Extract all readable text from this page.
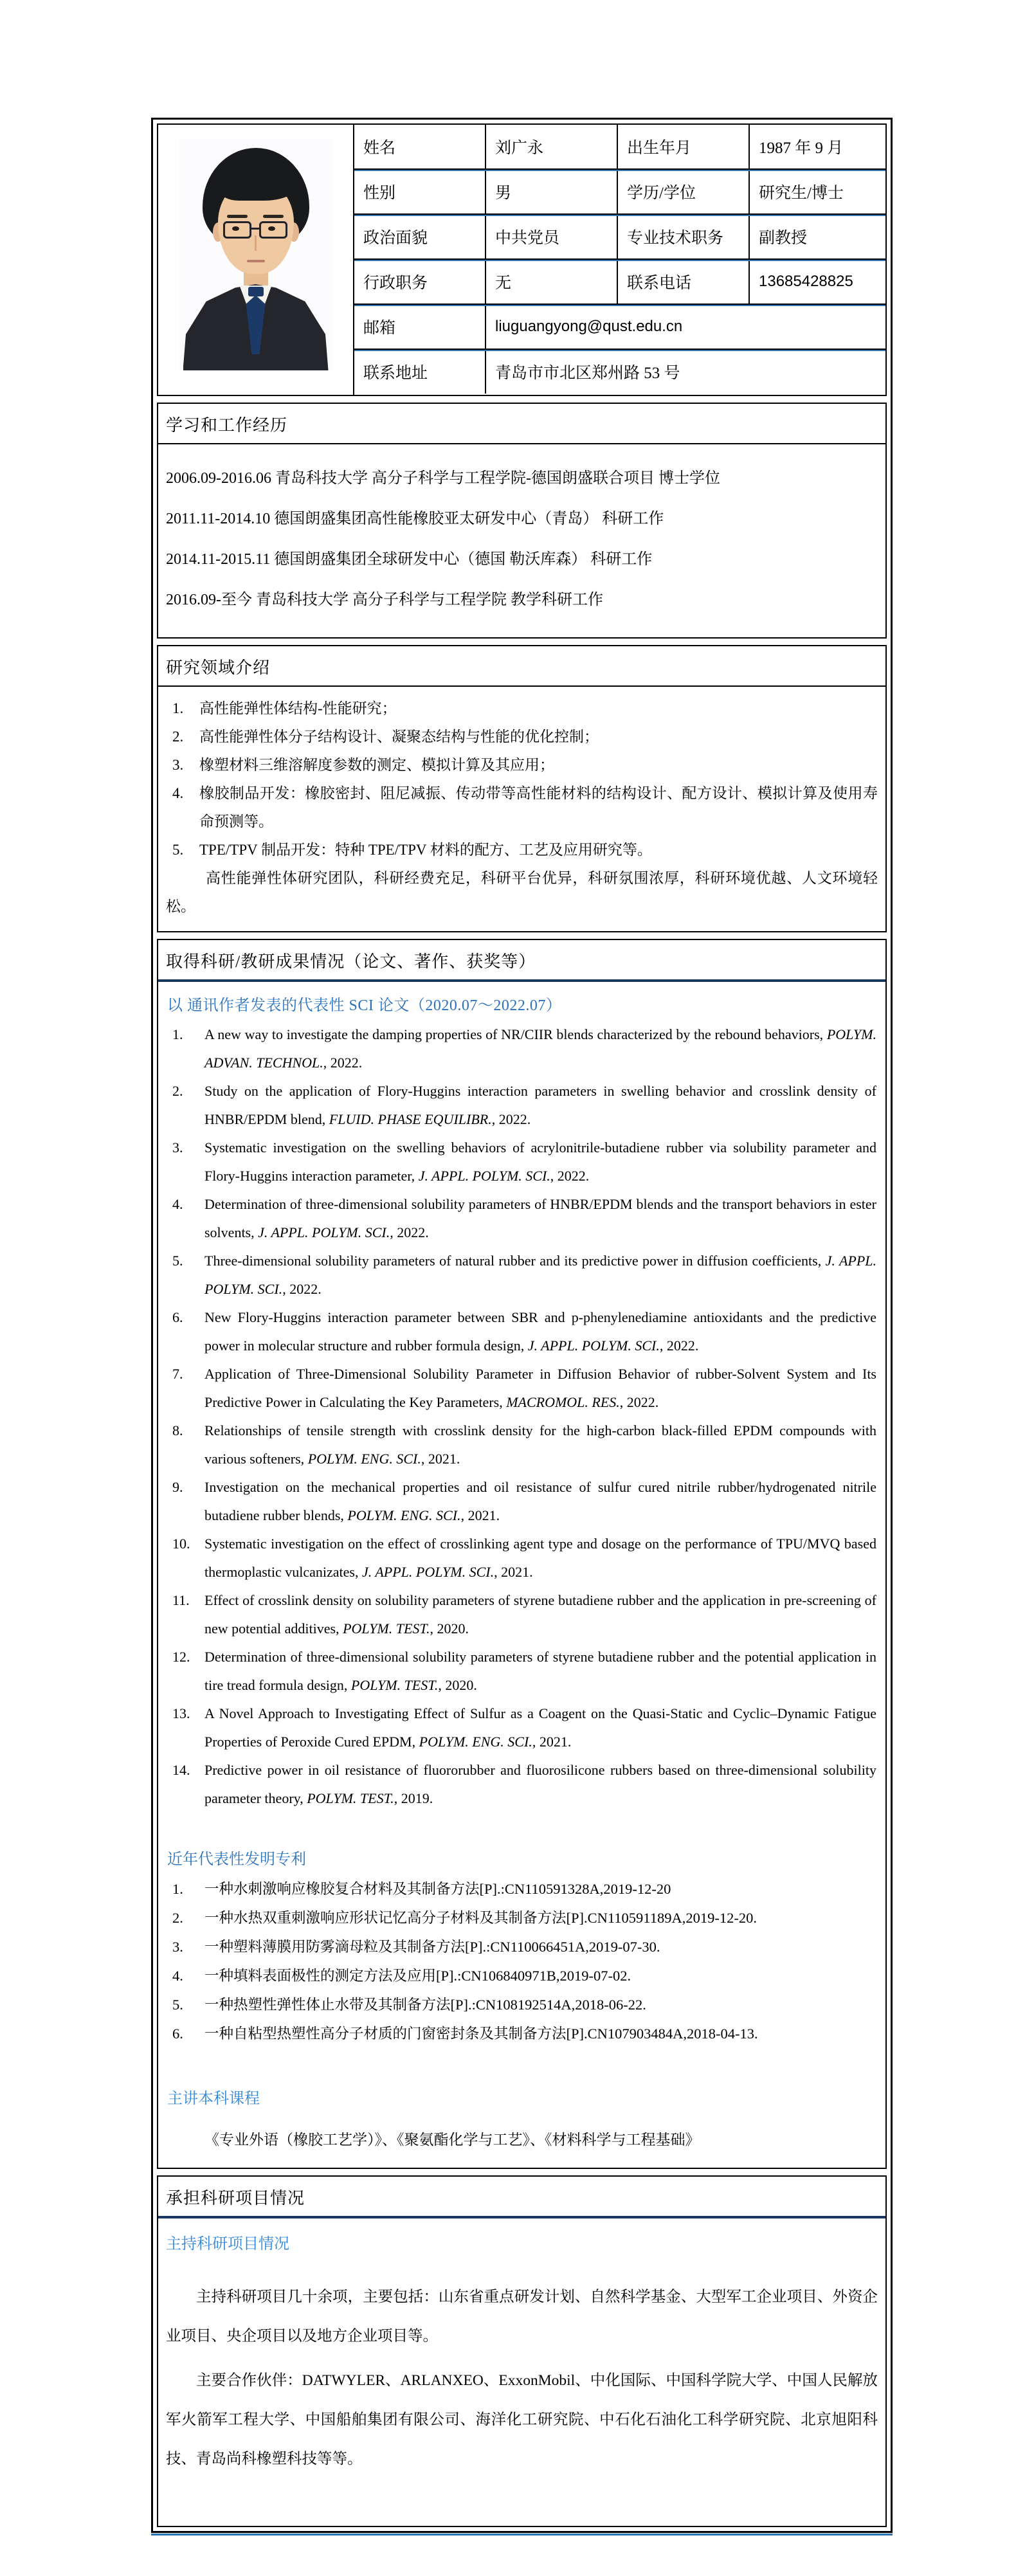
姓名	刘广永	出生年月	1987 年 9 月
性别	男	学历/学位	研究生/博士
政治面貌	中共党员	专业技术职务	副教授
行政职务	无	联系电话	13685428825
邮箱	liuguangyong@qust.edu.cn
联系地址	青岛市市北区郑州路 53 号
学习和工作经历
2006.09-2016.06 青岛科技大学 高分子科学与工程学院-德国朗盛联合项目 博士学位
2011.11-2014.10 德国朗盛集团高性能橡胶亚太研发中心（青岛） 科研工作
2014.11-2015.11 德国朗盛集团全球研发中心（德国 勒沃库森） 科研工作
2016.09-至今 青岛科技大学 高分子科学与工程学院 教学科研工作
研究领域介绍
1. 高性能弹性体结构-性能研究；
2. 高性能弹性体分子结构设计、凝聚态结构与性能的优化控制；
3. 橡塑材料三维溶解度参数的测定、模拟计算及其应用；
4. 橡胶制品开发：橡胶密封、阻尼减振、传动带等高性能材料的结构设计、配方设计、模拟计算及使用寿命预测等。
5. TPE/TPV 制品开发：特种 TPE/TPV 材料的配方、工艺及应用研究等。

高性能弹性体研究团队，科研经费充足，科研平台优异，科研氛围浓厚，科研环境优越、人文环境轻松。

取得科研/教研成果情况（论文、著作、获奖等）
以 通讯作者发表的代表性 SCI 论文（2020.07～2022.07）
1. A new way to investigate the damping properties of NR/CIIR blends characterized by the rebound behaviors, POLYM. ADVAN. TECHNOL., 2022.
2. Study on the application of Flory-Huggins interaction parameters in swelling behavior and crosslink density of HNBR/EPDM blend, FLUID. PHASE EQUILIBR., 2022.
3. Systematic investigation on the swelling behaviors of acrylonitrile-butadiene rubber via solubility parameter and Flory-Huggins interaction parameter, J. APPL. POLYM. SCI., 2022.
4. Determination of three-dimensional solubility parameters of HNBR/EPDM blends and the transport behaviors in ester solvents, J. APPL. POLYM. SCI., 2022.
5. Three-dimensional solubility parameters of natural rubber and its predictive power in diffusion coefficients, J. APPL. POLYM. SCI., 2022.
6. New Flory-Huggins interaction parameter between SBR and p-phenylenediamine antioxidants and the predictive power in molecular structure and rubber formula design, J. APPL. POLYM. SCI., 2022.
7. Application of Three-Dimensional Solubility Parameter in Diffusion Behavior of rubber-Solvent System and Its Predictive Power in Calculating the Key Parameters, MACROMOL. RES., 2022.
8. Relationships of tensile strength with crosslink density for the high-carbon black-filled EPDM compounds with various softeners, POLYM. ENG. SCI., 2021.
9. Investigation on the mechanical properties and oil resistance of sulfur cured nitrile rubber/hydrogenated nitrile butadiene rubber blends, POLYM. ENG. SCI., 2021.
10. Systematic investigation on the effect of crosslinking agent type and dosage on the performance of TPU/MVQ based thermoplastic vulcanizates, J. APPL. POLYM. SCI., 2021.
11. Effect of crosslink density on solubility parameters of styrene butadiene rubber and the application in pre-screening of new potential additives, POLYM. TEST., 2020.
12. Determination of three-dimensional solubility parameters of styrene butadiene rubber and the potential application in tire tread formula design, POLYM. TEST., 2020.
13. A Novel Approach to Investigating Effect of Sulfur as a Coagent on the Quasi-Static and Cyclic–Dynamic Fatigue Properties of Peroxide Cured EPDM, POLYM. ENG. SCI., 2021.
14. Predictive power in oil resistance of fluororubber and fluorosilicone rubbers based on three-dimensional solubility parameter theory, POLYM. TEST., 2019.
近年代表性发明专利
1. 一种水刺激响应橡胶复合材料及其制备方法[P].:CN110591328A,2019-12-20
2. 一种水热双重刺激响应形状记忆高分子材料及其制备方法[P].CN110591189A,2019-12-20.
3. 一种塑料薄膜用防雾滴母粒及其制备方法[P].:CN110066451A,2019-07-30.
4. 一种填料表面极性的测定方法及应用[P].:CN106840971B,2019-07-02.
5. 一种热塑性弹性体止水带及其制备方法[P].:CN108192514A,2018-06-22.
6. 一种自粘型热塑性高分子材质的门窗密封条及其制备方法[P].CN107903484A,2018-04-13.
主讲本科课程
《专业外语（橡胶工艺学）》、《聚氨酯化学与工艺》、《材料科学与工程基础》
承担科研项目情况
主持科研项目情况

主持科研项目几十余项，主要包括：山东省重点研发计划、自然科学基金、大型军工企业项目、外资企业项目、央企项目以及地方企业项目等。

主要合作伙伴：DATWYLER、ARLANXEO、ExxonMobil、中化国际、中国科学院大学、中国人民解放军火箭军工程大学、中国船舶集团有限公司、海洋化工研究院、中石化石油化工科学研究院、北京旭阳科技、青岛尚科橡塑科技等等。
